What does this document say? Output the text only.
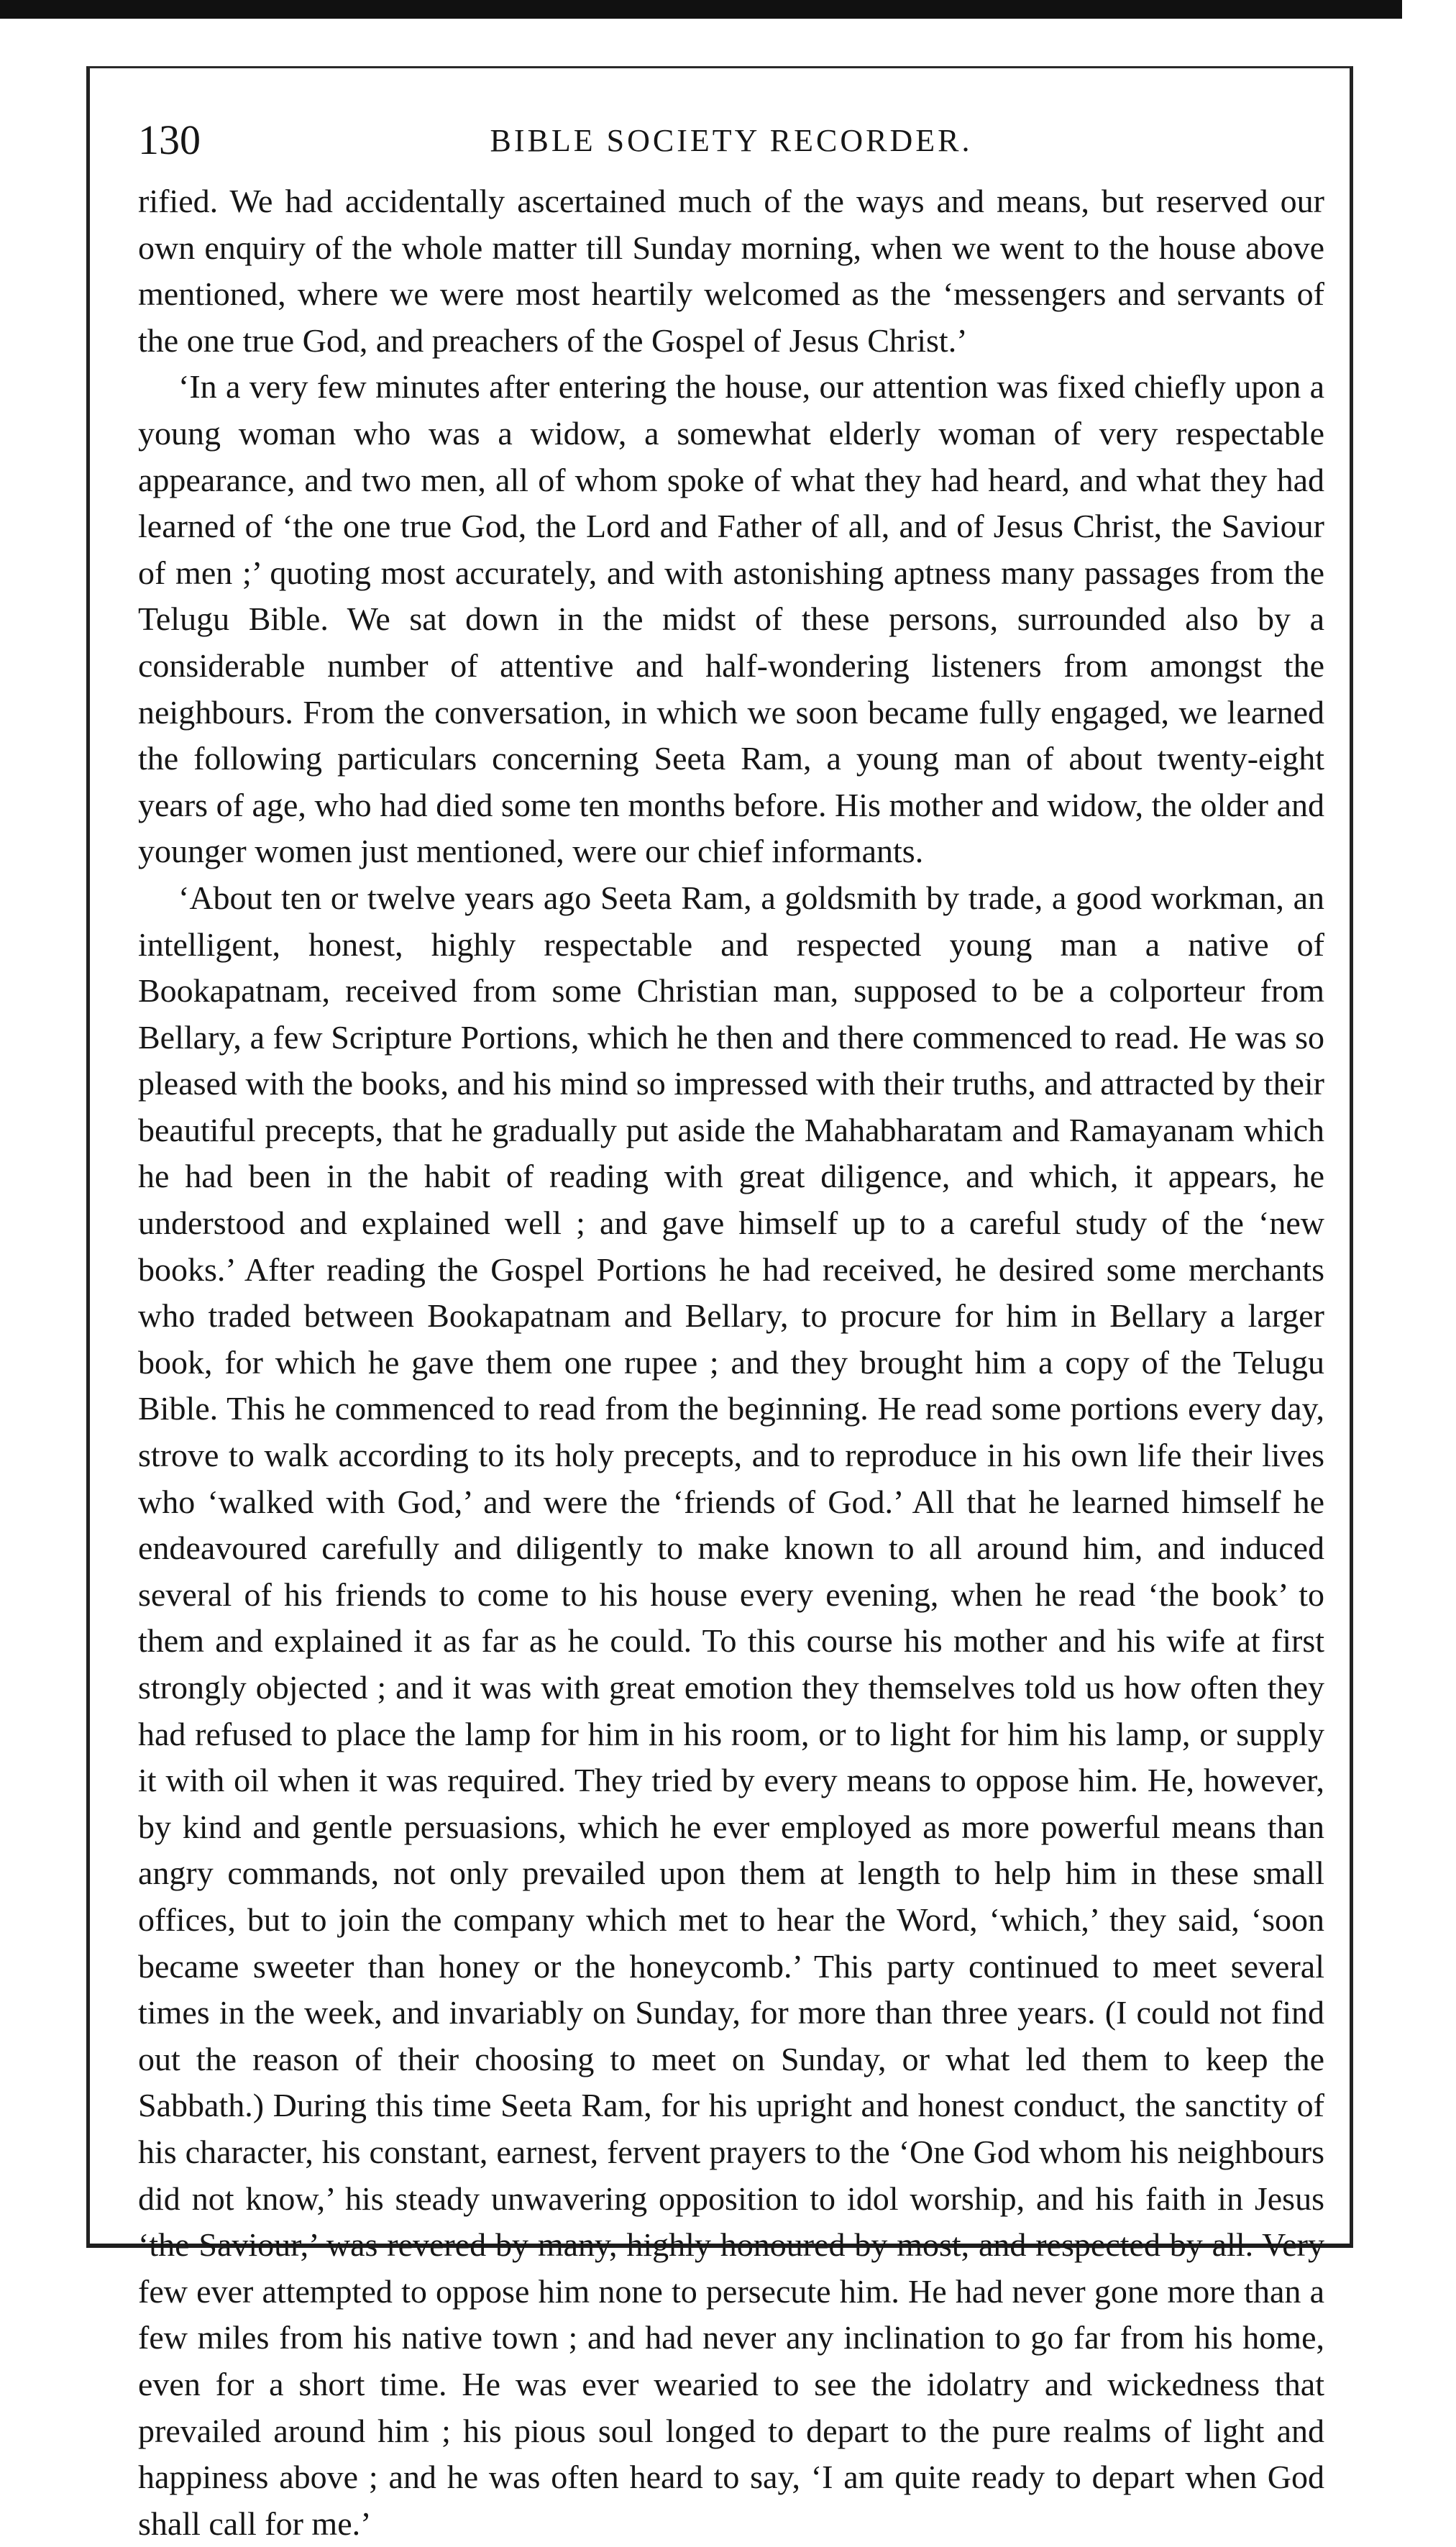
130	BIBLE SOCIETY RECORDER.

rified. We had accidentally ascertained much of the ways and means, but reserved our own enquiry of the whole matter till Sunday morning, when we went to the house above mentioned, where we were most heartily welcomed as the ‘messengers and servants of the one true God, and preachers of the Gospel of Jesus Christ.’

‘In a very few minutes after entering the house, our attention was fixed chiefly upon a young woman who was a widow, a somewhat elderly woman of very respectable appearance, and two men, all of whom spoke of what they had heard, and what they had learned of ‘the one true God, the Lord and Father of all, and of Jesus Christ, the Saviour of men ;’ quoting most accurately, and with astonishing aptness many passages from the Telugu Bible. We sat down in the midst of these persons, surrounded also by a considerable number of attentive and half-wondering listeners from amongst the neighbours. From the conversation, in which we soon became fully engaged, we learned the following particulars concerning Seeta Ram, a young man of about twenty-eight years of age, who had died some ten months before. His mother and widow, the older and younger women just mentioned, were our chief informants.

‘About ten or twelve years ago Seeta Ram, a goldsmith by trade, a good workman, an intelligent, honest, highly respectable and respected young man a native of Bookapatnam, received from some Christian man, supposed to be a colporteur from Bellary, a few Scripture Portions, which he then and there commenced to read. He was so pleased with the books, and his mind so impressed with their truths, and attracted by their beautiful precepts, that he gradually put aside the Mahabharatam and Ramayanam which he had been in the habit of reading with great diligence, and which, it appears, he understood and explained well ; and gave himself up to a careful study of the ‘new books.’ After reading the Gospel Portions he had received, he desired some merchants who traded between Bookapatnam and Bellary, to procure for him in Bellary a larger book, for which he gave them one rupee ; and they brought him a copy of the Telugu Bible. This he commenced to read from the beginning. He read some portions every day, strove to walk according to its holy precepts, and to reproduce in his own life their lives who ‘walked with God,’ and were the ‘friends of God.’ All that he learned himself he endeavoured carefully and diligently to make known to all around him, and induced several of his friends to come to his house every evening, when he read ‘the book’ to them and explained it as far as he could. To this course his mother and his wife at first strongly objected ; and it was with great emotion they themselves told us how often they had refused to place the lamp for him in his room, or to light for him his lamp, or supply it with oil when it was required. They tried by every means to oppose him. He, however, by kind and gentle persuasions, which he ever employed as more powerful means than angry commands, not only prevailed upon them at length to help him in these small offices, but to join the company which met to hear the Word, ‘which,’ they said, ‘soon became sweeter than honey or the honeycomb.’ This party continued to meet several times in the week, and invariably on Sunday, for more than three years. (I could not find out the reason of their choosing to meet on Sunday, or what led them to keep the Sabbath.) During this time Seeta Ram, for his upright and honest conduct, the sanctity of his character, his constant, earnest, fervent prayers to the ‘One God whom his neighbours did not know,’ his steady unwavering opposition to idol worship, and his faith in Jesus ‘the Saviour,’ was revered by many, highly honoured by most, and respected by all. Very few ever attempted to oppose him none to persecute him. He had never gone more than a few miles from his native town ; and had never any inclination to go far from his home, even for a short time. He was ever wearied to see the idolatry and wickedness that prevailed around him ; his pious soul longed to depart to the pure realms of light and happiness above ; and he was often heard to say, ‘I am quite ready to depart when God shall call for me.’
